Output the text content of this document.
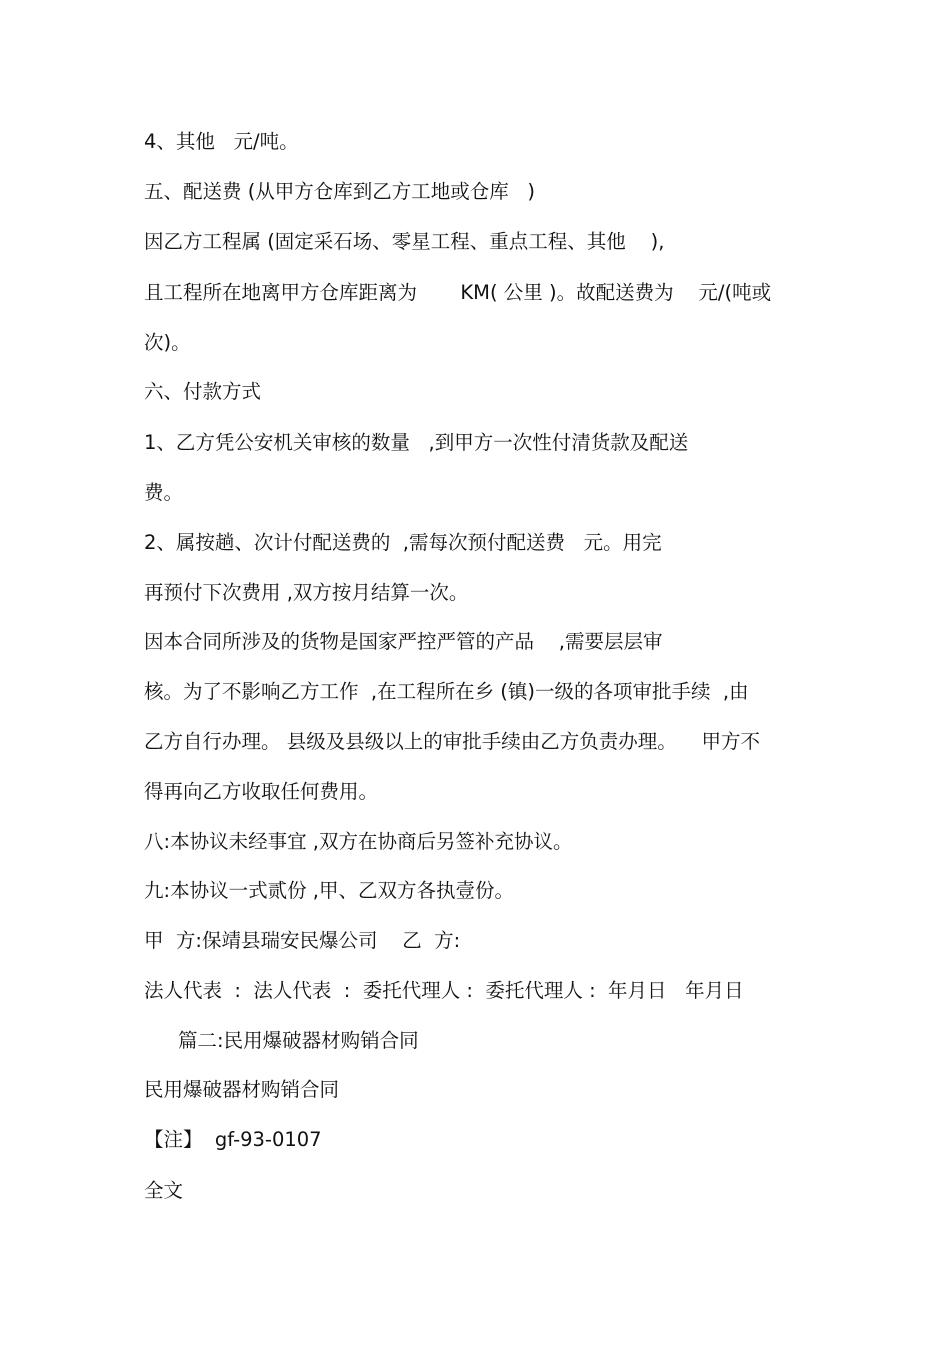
4、其他   元/吨。
五、配送费 (从甲方仓库到乙方工地或仓库   )
因乙方工程属 (固定采石场、零星工程、重点工程、其他    ),
且工程所在地离甲方仓库距离为       KM( 公里 )。故配送费为    元/(吨或
次)。
六、付款方式
1、乙方凭公安机关审核的数量   ,到甲方一次性付清货款及配送
费。
2、属按趟、次计付配送费的  ,需每次预付配送费   元。用完
再预付下次费用 ,双方按月结算一次。
因本合同所涉及的货物是国家严控严管的产品    ,需要层层审
核。为了不影响乙方工作  ,在工程所在乡 (镇)一级的各项审批手续  ,由
乙方自行办理。 县级及县级以上的审批手续由乙方负责办理。    甲方不
得再向乙方收取任何费用。
八:本协议未经事宜 ,双方在协商后另签补充协议。
九:本协议一式贰份 ,甲、乙双方各执壹份。
甲  方:保靖县瑞安民爆公司    乙  方:
法人代表  :  法人代表  :  委托代理人 :  委托代理人 :  年月日   年月日
篇二:民用爆破器材购销合同
民用爆破器材购销合同
【注】  gf-93-0107
全文
